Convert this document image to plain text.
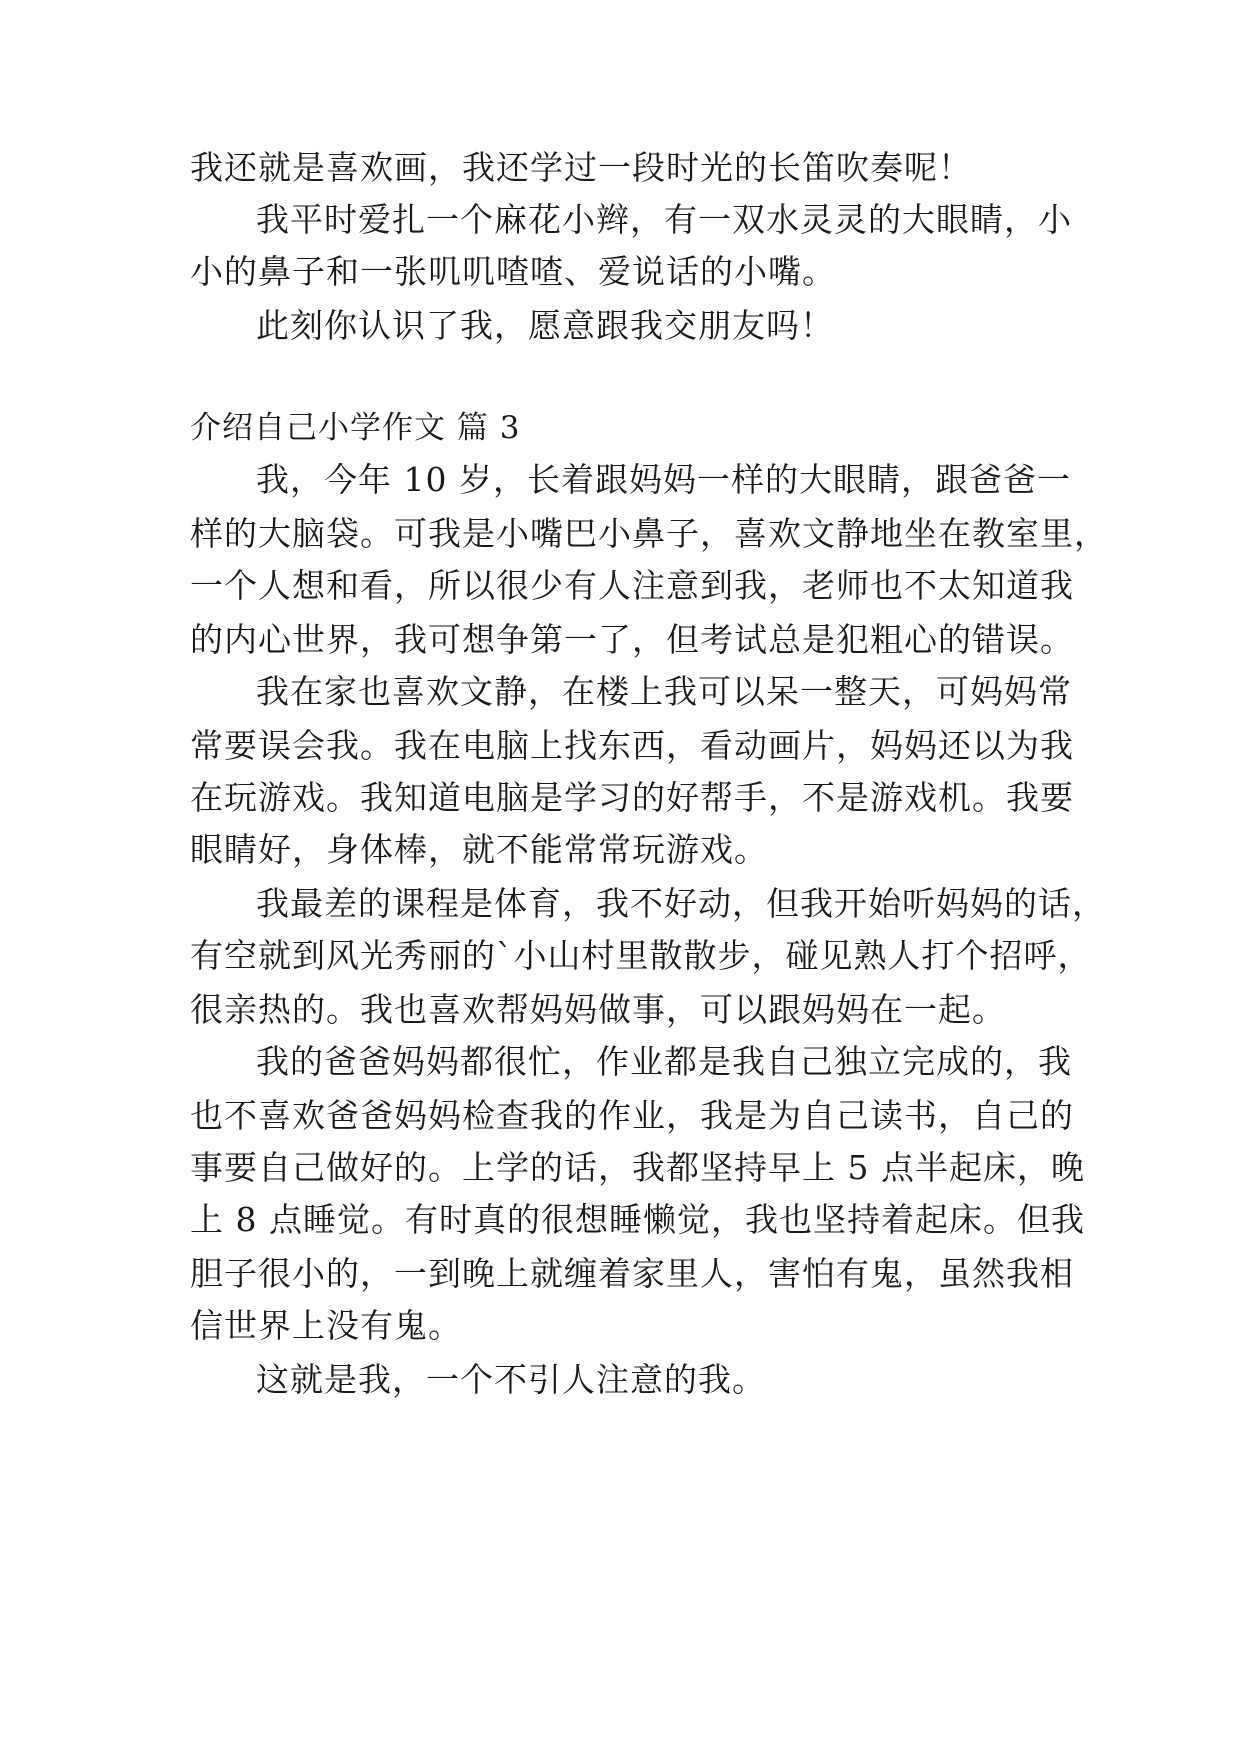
我还就是喜欢画，我还学过一段时光的长笛吹奏呢！
我平时爱扎一个麻花小辫，有一双水灵灵的大眼睛，小
小的鼻子和一张叽叽喳喳、爱说话的小嘴。
此刻你认识了我，愿意跟我交朋友吗！
介绍自己小学作文 篇 3
我，今年 10 岁，长着跟妈妈一样的大眼睛，跟爸爸一
样的大脑袋。可我是小嘴巴小鼻子，喜欢文静地坐在教室里，
一个人想和看，所以很少有人注意到我，老师也不太知道我
的内心世界，我可想争第一了，但考试总是犯粗心的错误。
我在家也喜欢文静，在楼上我可以呆一整天，可妈妈常
常要误会我。我在电脑上找东西，看动画片，妈妈还以为我
在玩游戏。我知道电脑是学习的好帮手，不是游戏机。我要
眼睛好，身体棒，就不能常常玩游戏。
我最差的课程是体育，我不好动，但我开始听妈妈的话，
有空就到风光秀丽的`小山村里散散步，碰见熟人打个招呼，
很亲热的。我也喜欢帮妈妈做事，可以跟妈妈在一起。
我的爸爸妈妈都很忙，作业都是我自己独立完成的，我
也不喜欢爸爸妈妈检查我的作业，我是为自己读书，自己的
事要自己做好的。上学的话，我都坚持早上 5 点半起床，晚
上 8 点睡觉。有时真的很想睡懒觉，我也坚持着起床。但我
胆子很小的，一到晚上就缠着家里人，害怕有鬼，虽然我相
信世界上没有鬼。
这就是我，一个不引人注意的我。
